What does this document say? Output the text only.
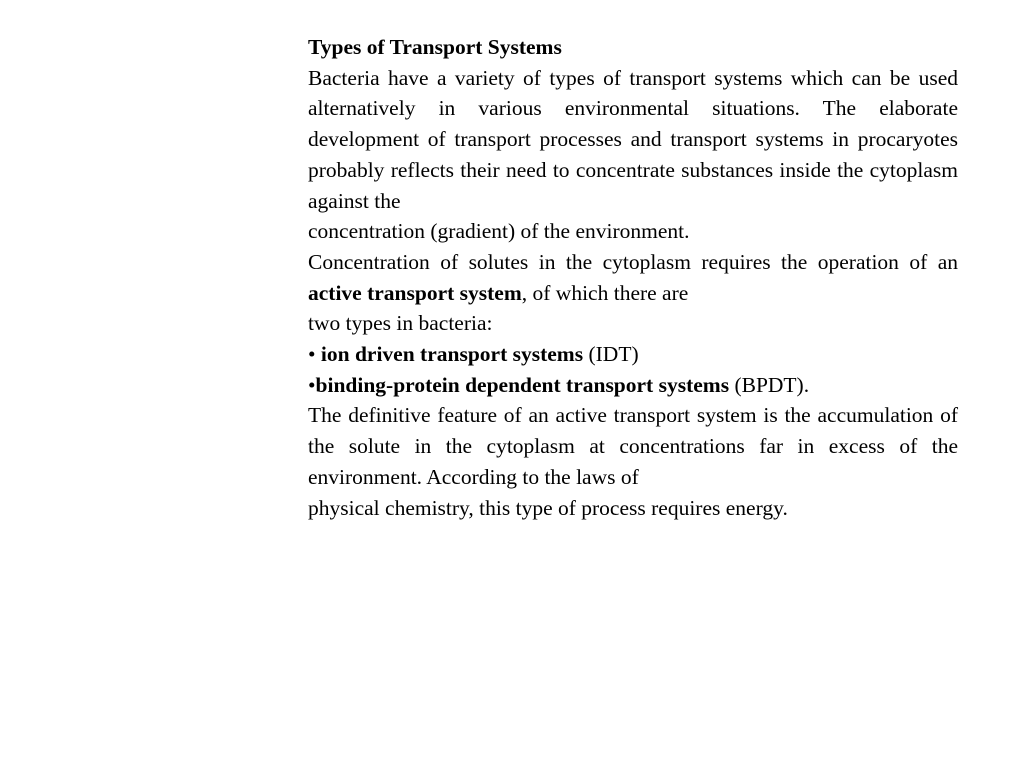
Types of Transport Systems

Bacteria have a variety of types of transport systems which can be used alternatively in various environmental situations. The elaborate development of transport processes and transport systems in procaryotes probably reflects their need to concentrate substances inside the cytoplasm against the

concentration (gradient) of the environment.

Concentration of solutes in the cytoplasm requires the operation of an active transport system, of which there are

two types in bacteria:

• ion driven transport systems (IDT)

•binding-protein dependent transport systems (BPDT).

The definitive feature of an active transport system is the accumulation of the solute in the cytoplasm at concentrations far in excess of the environment. According to the laws of

physical chemistry, this type of process requires energy.
